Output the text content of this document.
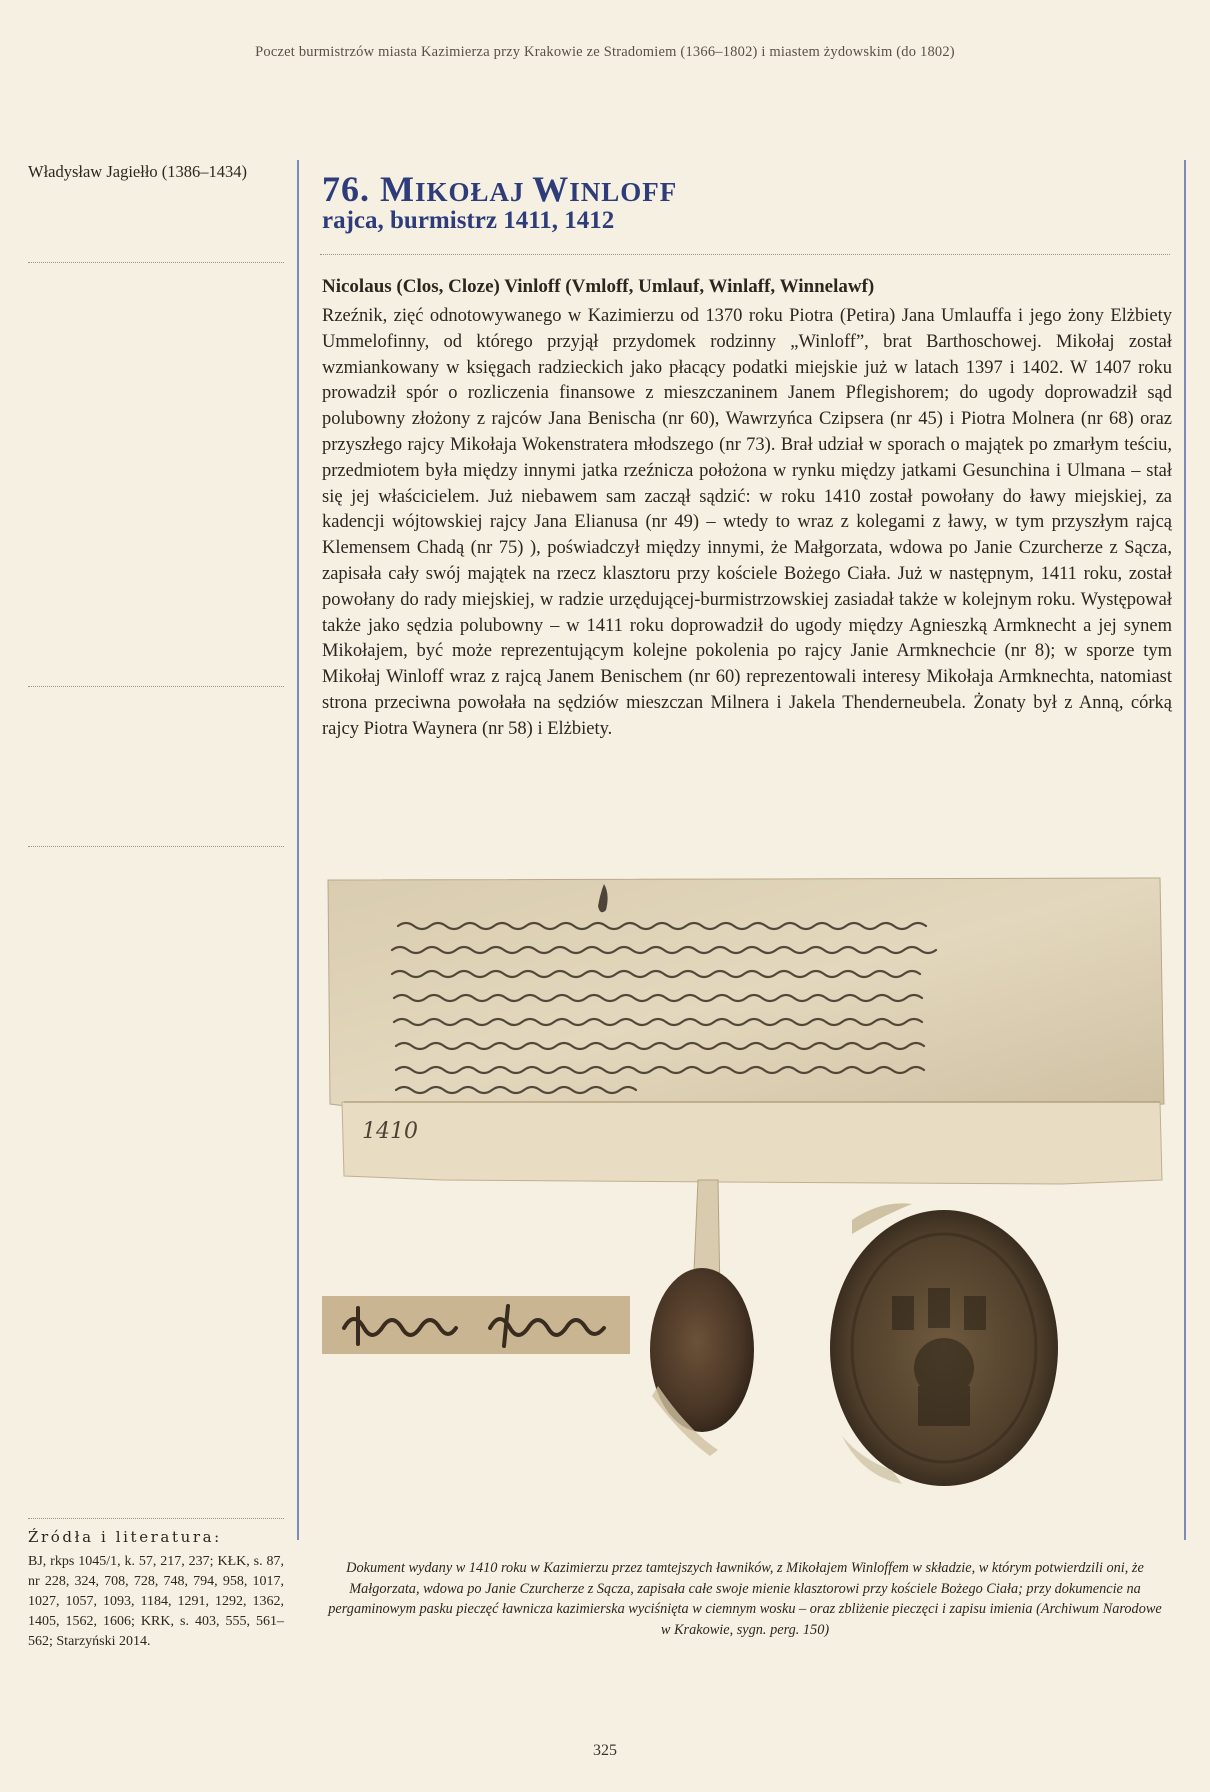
Poczet burmistrzów miasta Kazimierza przy Krakowie ze Stradomiem (1366–1802) i miastem żydowskim (do 1802)
Władysław Jagiełło (1386–1434)

76. MIKOŁAJ WINLOFF
rajca, burmistrz 1411, 1412
Nicolaus (Clos, Cloze) Vinloff (Vmloff, Umlauf, Winlaff, Winnelawf)
Rzeźnik, zięć odnotowywanego w Kazimierzu od 1370 roku Piotra (Petira) Jana Umlauffa i jego żony Elżbiety Ummelofinny, od którego przyjął przydomek rodzinny „Winloff”, brat Barthoschowej. Mikołaj został wzmiankowany w księgach radzieckich jako płacący podatki miejskie już w latach 1397 i 1402. W 1407 roku prowadził spór o rozliczenia finansowe z mieszczaninem Janem Pflegishorem; do ugody doprowadził sąd polubowny złożony z rajców Jana Benischa (nr 60), Wawrzyńca Czipsera (nr 45) i Piotra Molnera (nr 68) oraz przyszłego rajcy Mikołaja Wokenstratera młodszego (nr 73). Brał udział w sporach o majątek po zmarłym teściu, przedmiotem była między innymi jatka rzeźnicza położona w rynku między jatkami Gesunchina i Ulmana – stał się jej właścicielem. Już niebawem sam zaczął sądzić: w roku 1410 został powołany do ławy miejskiej, za kadencji wójtowskiej rajcy Jana Elianusa (nr 49) – wtedy to wraz z kolegami z ławy, w tym przyszłym rajcą Klemensem Chadą (nr 75) ), poświadczył między innymi, że Małgorzata, wdowa po Janie Czurcherze z Sącza, zapisała cały swój majątek na rzecz klasztoru przy kościele Bożego Ciała. Już w następnym, 1411 roku, został powołany do rady miejskiej, w radzie urzędującej-burmistrzowskiej zasiadał także w kolejnym roku. Występował także jako sędzia polubowny – w 1411 roku doprowadził do ugody między Agnieszką Armknecht a jej synem Mikołajem, być może reprezentującym kolejne pokolenia po rajcy Janie Armknechcie (nr 8); w sporze tym Mikołaj Winloff wraz z rajcą Janem Benischem (nr 60) reprezentowali interesy Mikołaja Armknechta, natomiast strona przeciwna powołała na sędziów mieszczan Milnera i Jakela Thenderneubela. Żonaty był z Anną, córką rajcy Piotra Waynera (nr 58) i Elżbiety.
1410
Dokument wydany w 1410 roku w Kazimierzu przez tamtejszych ławników, z Mikołajem Winloffem w składzie, w którym potwierdzili oni, że Małgorzata, wdowa po Janie Czurcherze z Sącza, zapisała całe swoje mienie klasztorowi przy kościele Bożego Ciała; przy dokumencie na pergaminowym pasku pieczęć ławnicza kazimierska wyciśnięta w ciemnym wosku – oraz zbliżenie pieczęci i zapisu imienia (Archiwum Narodowe w Krakowie, sygn. perg. 150)
Źródła i literatura:
BJ, rkps 1045/1, k. 57, 217, 237; KŁK, s. 87, nr 228, 324, 708, 728, 748, 794, 958, 1017, 1027, 1057, 1093, 1184, 1291, 1292, 1362, 1405, 1562, 1606; KRK, s. 403, 555, 561–562; Starzyński 2014.
325
